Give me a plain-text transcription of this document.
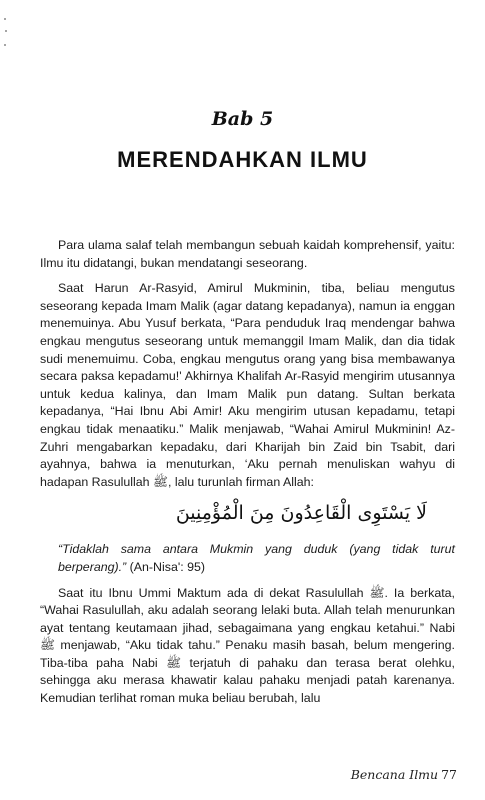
Bab 5
MERENDAHKAN ILMU

Para ulama salaf telah membangun sebuah kaidah komprehensif, yaitu: Ilmu itu didatangi, bukan mendatangi seseorang.

Saat Harun Ar-Rasyid, Amirul Mukminin, tiba, beliau mengutus seseorang kepada Imam Malik (agar datang kepadanya), namun ia enggan menemuinya. Abu Yusuf berkata, “Para penduduk Iraq mendengar bahwa engkau mengutus seseorang untuk memanggil Imam Malik, dan dia tidak sudi menemuimu. Coba, engkau mengutus orang yang bisa membawanya secara paksa kepadamu!' Akhirnya Khalifah Ar-Rasyid mengirim utusannya untuk kedua kalinya, dan Imam Malik pun datang. Sultan berkata kepadanya, “Hai Ibnu Abi Amir! Aku mengirim utusan kepadamu, tetapi engkau tidak menaatiku.” Malik menjawab, “Wahai Amirul Mukminin! Az-Zuhri mengabarkan kepadaku, dari Kharijah bin Zaid bin Tsabit, dari ayahnya, bahwa ia menuturkan, ‘Aku pernah menuliskan wahyu di hadapan Rasulullah ﷺ, lalu turunlah firman Allah:

لَا يَسْتَوِى الْقَاعِدُونَ مِنَ الْمُؤْمِنِينَ

“Tidaklah sama antara Mukmin yang duduk (yang tidak turut berperang).” (An-Nisa': 95)

Saat itu Ibnu Ummi Maktum ada di dekat Rasulullah ﷺ. Ia berkata, “Wahai Rasulullah, aku adalah seorang lelaki buta. Allah telah menurunkan ayat tentang keutamaan jihad, sebagaimana yang engkau ketahui.” Nabi ﷺ menjawab, “Aku tidak tahu.” Penaku masih basah, belum mengering. Tiba-tiba paha Nabi ﷺ terjatuh di pahaku dan terasa berat olehku, sehingga aku merasa khawatir kalau pahaku menjadi patah karenanya. Kemudian terlihat roman muka beliau berubah, lalu

Bencana Ilmu 77
